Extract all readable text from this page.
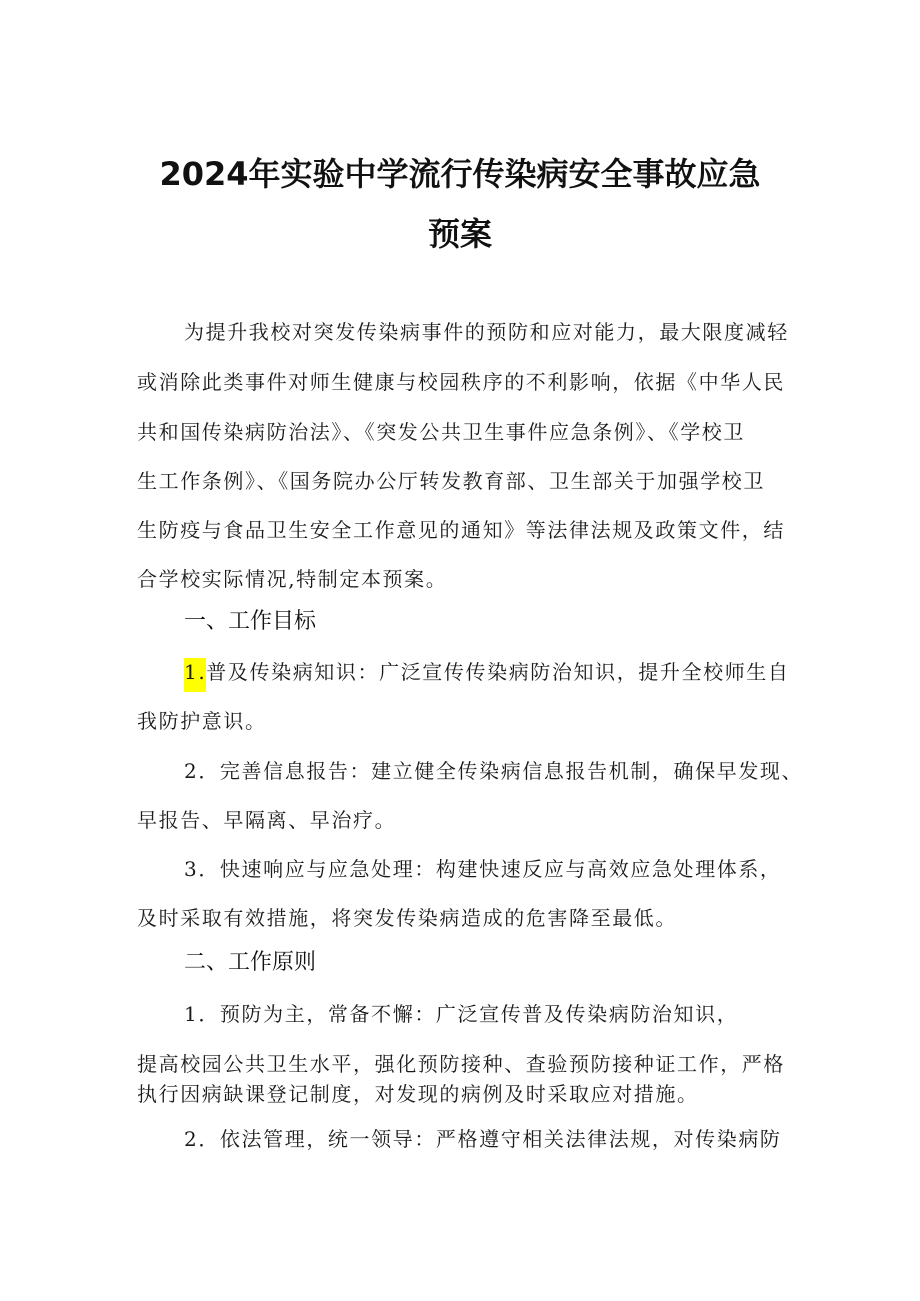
2024年实验中学流行传染病安全事故应急
预案
为提升我校对突发传染病事件的预防和应对能力，最大限度减轻
或消除此类事件对师生健康与校园秩序的不利影响，依据《中华人民
共和国传染病防治法》、《突发公共卫生事件应急条例》、《学校卫
生工作条例》、《国务院办公厅转发教育部、卫生部关于加强学校卫
生防疫与食品卫生安全工作意见的通知》等法律法规及政策文件，结
合学校实际情况,特制定本预案。
一、工作目标
1.普及传染病知识：广泛宣传传染病防治知识，提升全校师生自
我防护意识。
2．完善信息报告：建立健全传染病信息报告机制，确保早发现、
早报告、早隔离、早治疗。
3．快速响应与应急处理：构建快速反应与高效应急处理体系，
及时采取有效措施，将突发传染病造成的危害降至最低。
二、工作原则
1．预防为主，常备不懈：广泛宣传普及传染病防治知识，
提高校园公共卫生水平，强化预防接种、查验预防接种证工作，严格
执行因病缺课登记制度，对发现的病例及时采取应对措施。
2．依法管理，统一领导：严格遵守相关法律法规，对传染病防
